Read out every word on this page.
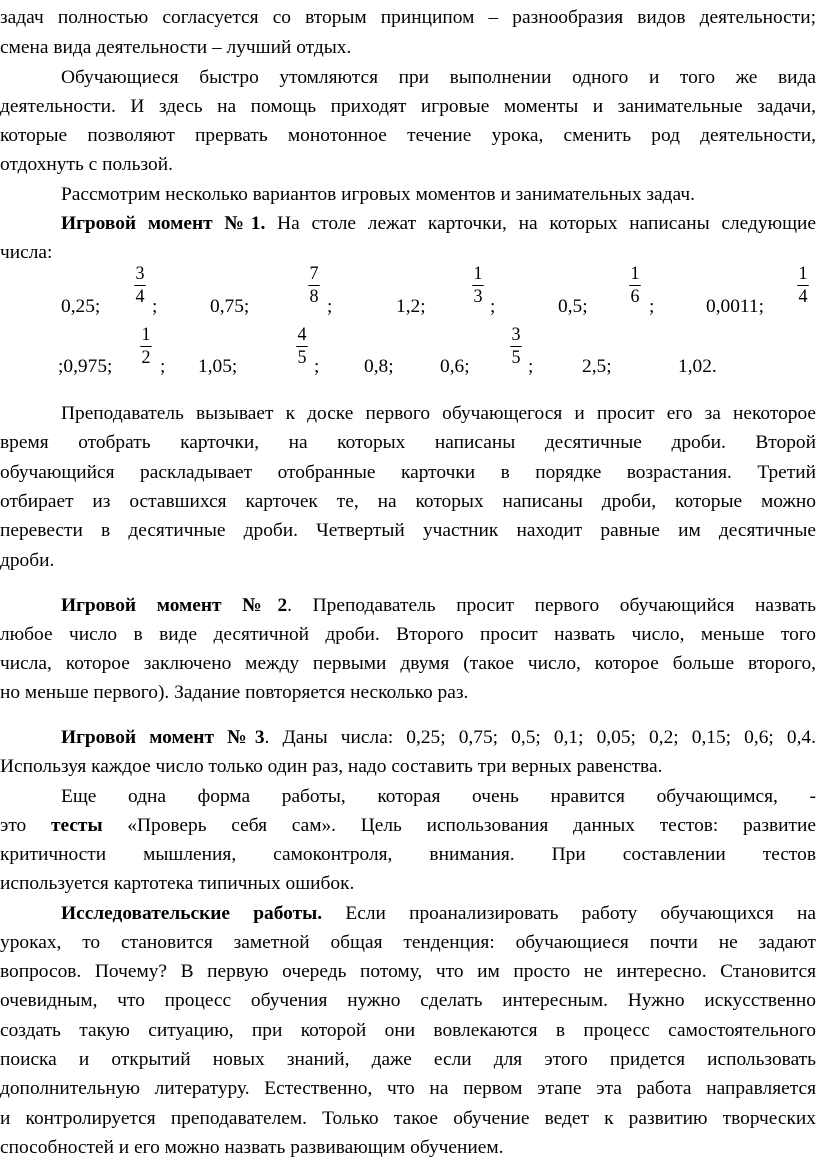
задач полностью согласуется со вторым принципом – разнообразия видов деятельности;
смена вида деятельности – лучший отдых.
Обучающиеся быстро утомляются при выполнении одного и того же вида
деятельности. И здесь на помощь приходят игровые моменты и занимательные задачи,
которые позволяют прервать монотонное течение урока, сменить род деятельности,
отдохнуть с пользой.
Рассмотрим несколько вариантов игровых моментов и занимательных задач.
Игровой момент №1. На столе лежат карточки, на которых написаны следующие
числа:
0,25;
3
4 ;	0,75;
7
8 ;	1,2;
1
3 ;	0,5;
1
6 ;	0,0011;
1
4
;0,975;
1
2 ; 1,05;
4
5 ; 0,8; 0,6;
3
5 ;	2,5;	1,02.
Преподаватель вызывает к доске первого обучающегося и просит его за некоторое
время отобрать карточки, на которых написаны десятичные дроби. Второй
обучающийся раскладывает отобранные карточки в порядке возрастания. Третий
отбирает из оставшихся карточек те, на которых написаны дроби, которые можно
перевести в десятичные дроби. Четвертый участник находит равные им десятичные
дроби.
Игровой момент №2. Преподаватель просит первого обучающийся назвать
любое число в виде десятичной дроби. Второго просит назвать число, меньше того
числа, которое заключено между первыми двумя (такое число, которое больше второго,
но меньше первого). Задание повторяется несколько раз.
Игровой момент №3. Даны числа: 0,25; 0,75; 0,5; 0,1; 0,05; 0,2; 0,15; 0,6; 0,4.
Используя каждое число только один раз, надо составить три верных равенства.
Еще одна форма работы, которая очень нравится обучающимся, -
это тесты «Проверь себя сам». Цель использования данных тестов: развитие
критичности мышления, самоконтроля, внимания. При составлении тестов
используется картотека типичных ошибок.
Исследовательские работы. Если проанализировать работу обучающихся на
уроках, то становится заметной общая тенденция: обучающиеся почти не задают
вопросов. Почему? В первую очередь потому, что им просто не интересно. Становится
очевидным, что процесс обучения нужно сделать интересным. Нужно искусственно
создать такую ситуацию, при которой они вовлекаются в процесс самостоятельного
поиска и открытий новых знаний, даже если для этого придется использовать
дополнительную литературу. Естественно, что на первом этапе эта работа направляется
и контролируется преподавателем. Только такое обучение ведет к развитию творческих
способностей и его можно назвать развивающим обучением.
